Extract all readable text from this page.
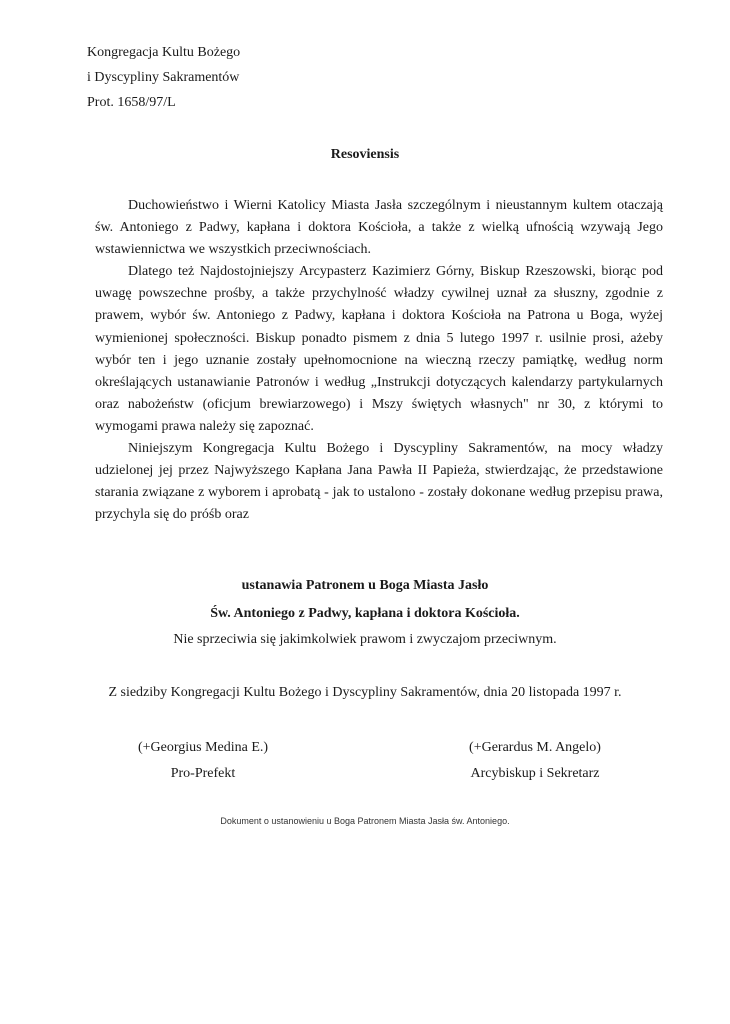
Kongregacja Kultu Bożego
i Dyscypliny Sakramentów
Prot. 1658/97/L
Resoviensis

Duchowieństwo i Wierni Katolicy Miasta Jasła szczególnym i nieustannym kultem otaczają św. Antoniego z Padwy, kapłana i doktora Kościoła, a także z wielką ufnością wzywają Jego wstawiennictwa we wszystkich przeciwnościach.

Dlatego też Najdostojniejszy Arcypasterz Kazimierz Górny, Biskup Rzeszowski, biorąc pod uwagę powszechne prośby, a także przychylność władzy cywilnej uznał za słuszny, zgodnie z prawem, wybór św. Antoniego z Padwy, kapłana i doktora Kościoła na Patrona u Boga, wyżej wymienionej społeczności. Biskup ponadto pismem z dnia 5 lutego 1997 r. usilnie prosi, ażeby wybór ten i jego uznanie zostały upełnomocnione na wieczną rzeczy pamiątkę, według norm określających ustanawianie Patronów i według „Instrukcji dotyczących kalendarzy partykularnych oraz nabożeństw (oficjum brewiarzowego) i Mszy świętych własnych" nr 30, z którymi to wymogami prawa należy się zapoznać.

Niniejszym Kongregacja Kultu Bożego i Dyscypliny Sakramentów, na mocy władzy udzielonej jej przez Najwyższego Kapłana Jana Pawła II Papieża, stwierdzając, że przedstawione starania związane z wyborem i aprobatą - jak to ustalono - zostały dokonane według przepisu prawa, przychyla się do próśb oraz

ustanawia Patronem u Boga Miasta Jasło
Św. Antoniego z Padwy, kapłana i doktora Kościoła.
Nie sprzeciwia się jakimkolwiek prawom i zwyczajom przeciwnym.
Z siedziby Kongregacji Kultu Bożego i Dyscypliny Sakramentów, dnia 20 listopada 1997 r.
(+Georgius Medina E.)
Pro-Prefekt
(+Gerardus M. Angelo)
Arcybiskup i Sekretarz
Dokument o ustanowieniu u Boga Patronem Miasta Jasła św. Antoniego.
